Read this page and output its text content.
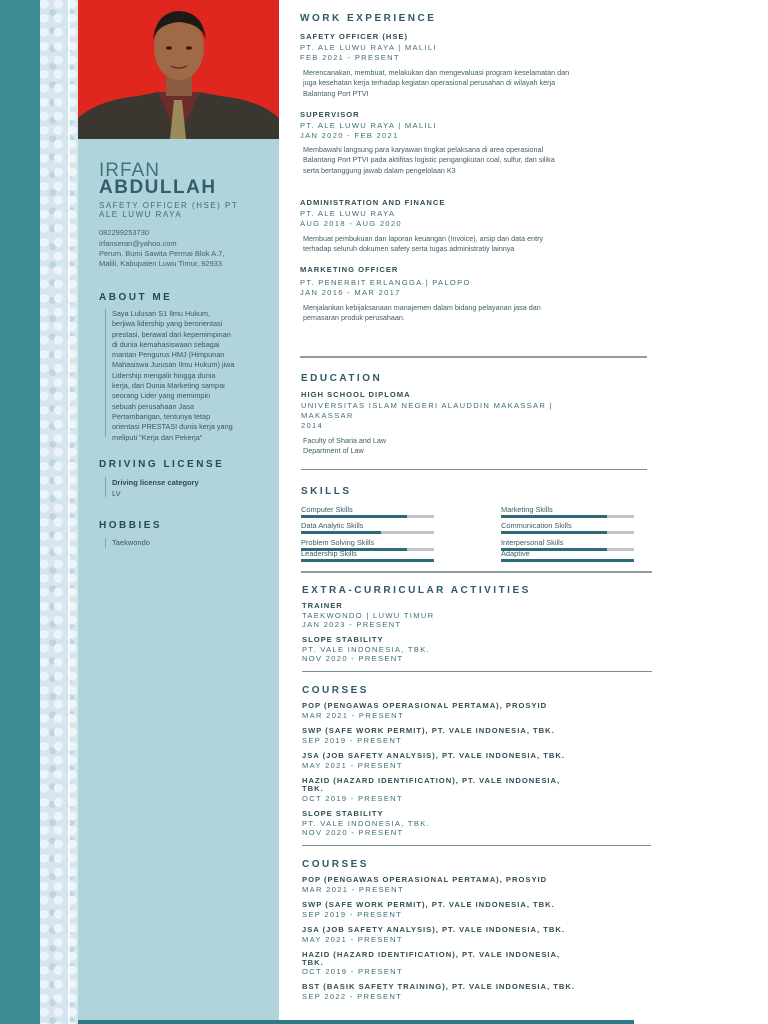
IRFAN
ABDULLAH
SAFETY OFFICER (HSE) PT
ALE LUWU RAYA
082299253730
irfanseran@yahoo.com
Perum. Bumi Sawita Permai Blok A.7,
Malili, Kabupaten Luwu Timur, 92933
ABOUT ME
Saya Lulusan S1 Ilmu Hukum,
berjiwa lidership yang berorientasi
prestasi, berawal dari kepemimpinan
di dunia kemahasiswaan sebagai
mantan Pengurus HMJ (Himpunan
Mahasiswa Jurusan Ilmu Hukum) jiwa
Lidership mengalir hingga dunia
kerja, dari Dunia Marketing sampai
seorang Lider yang memimpin
sebuah perusahaan Jasa
Pertambangan, tentunya tetap
orientasi PRESTASI dunia kerja yang
meliputi "Kerja dan Pekerja"
DRIVING LICENSE
Driving license category
LV
HOBBIES
Taekwondo
WORK EXPERIENCE
SAFETY OFFICER (HSE)
PT. ALE LUWU RAYA | MALILI
FEB 2021 - PRESENT
Merencanakan, membuat, melakukan dan mengevaluasi program keselamatan dan
juga kesehatan kerja terhadap kegiatan operasional perusahan di wilayah kerja
Balantang Port PTVI
SUPERVISOR
PT. ALE LUWU RAYA | MALILI
JAN 2020 - FEB 2021
Membawahi langsung para karyawan tingkat pelaksana di area operasional
Balantang Port PTVI pada aktifitas logistic pengangkutan coal, sulfur, dan silika
serta bertanggung jawab dalam pengelolaan K3
ADMINISTRATION AND FINANCE
PT. ALE LUWU RAYA
AUG 2018 - AUG 2020
Membuat pembukuan dan laporan keuangan (Invoice), arsip dan data entry
terhadap seluruh dokumen safety serta tugas administratiy lainnya
MARKETING OFFICER
PT. PENERBIT ERLANGGA | PALOPO
JAN 2016 - MAR 2017
Menjalankan kebijaksanaan manajemen dalam bidang pelayanan jasa dan
pemasaran produk perusahaan.
EDUCATION
HIGH SCHOOL DIPLOMA
UNIVERSITAS ISLAM NEGERI ALAUDDIN MAKASSAR |
MAKASSAR
2014
Faculty of Sharia and Law
Department of Law
SKILLS
Computer Skills
Data Analytic Skills
Problem Solving Skills
Leadership Skills
Marketing Skills
Communication Skills
Interpersonal Skills
Adaptive
EXTRA-CURRICULAR ACTIVITIES
TRAINER
TAEKWONDO | LUWU TIMUR
JAN 2023 - PRESENT
SLOPE STABILITY
PT. VALE INDONESIA, TBK.
NOV 2020 - PRESENT
COURSES
POP (PENGAWAS OPERASIONAL PERTAMA), PROSYID
MAR 2021 - PRESENT
SWP (SAFE WORK PERMIT), PT. VALE INDONESIA, TBK.
SEP 2019 - PRESENT
JSA (JOB SAFETY ANALYSIS), PT. VALE INDONESIA, TBK.
MAY 2021 - PRESENT
HAZID (HAZARD IDENTIFICATION), PT. VALE INDONESIA,
TBK.
OCT 2019 - PRESENT
SLOPE STABILITY
PT. VALE INDONESIA, TBK.
NOV 2020 - PRESENT
COURSES
POP (PENGAWAS OPERASIONAL PERTAMA), PROSYID
MAR 2021 - PRESENT
SWP (SAFE WORK PERMIT), PT. VALE INDONESIA, TBK.
SEP 2019 - PRESENT
JSA (JOB SAFETY ANALYSIS), PT. VALE INDONESIA, TBK.
MAY 2021 - PRESENT
HAZID (HAZARD IDENTIFICATION), PT. VALE INDONESIA,
TBK.
OCT 2019 - PRESENT
BST (BASIK SAFETY TRAINING), PT. VALE INDONESIA, TBK.
SEP 2022 - PRESENT
